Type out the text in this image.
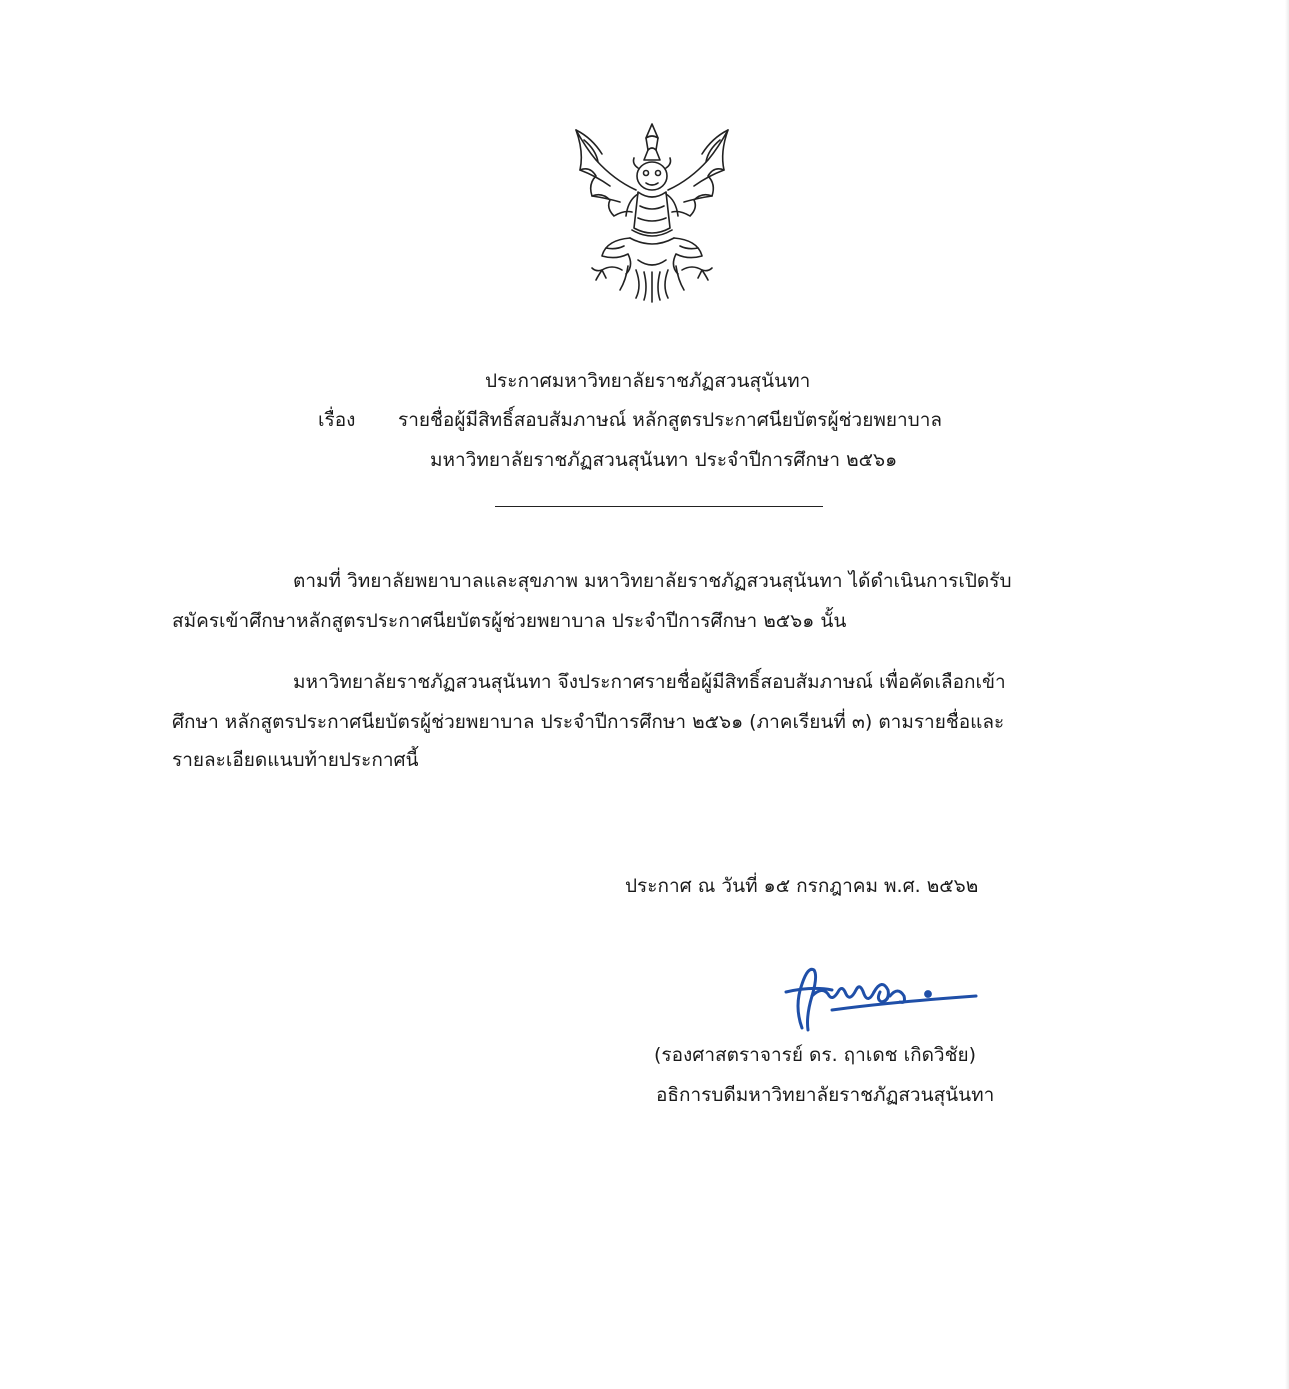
ประกาศมหาวิทยาลัยราชภัฏสวนสุนันทา
เรื่อง รายชื่อผู้มีสิทธิ์สอบสัมภาษณ์ หลักสูตรประกาศนียบัตรผู้ช่วยพยาบาล
มหาวิทยาลัยราชภัฏสวนสุนันทา ประจำปีการศึกษา ๒๕๖๑
ตามที่ วิทยาลัยพยาบาลและสุขภาพ มหาวิทยาลัยราชภัฏสวนสุนันทา ได้ดำเนินการเปิดรับ
สมัครเข้าศึกษาหลักสูตรประกาศนียบัตรผู้ช่วยพยาบาล ประจำปีการศึกษา ๒๕๖๑ นั้น
มหาวิทยาลัยราชภัฏสวนสุนันทา จึงประกาศรายชื่อผู้มีสิทธิ์สอบสัมภาษณ์ เพื่อคัดเลือกเข้า
ศึกษา หลักสูตรประกาศนียบัตรผู้ช่วยพยาบาล ประจำปีการศึกษา ๒๕๖๑ (ภาคเรียนที่ ๓) ตามรายชื่อและ
รายละเอียดแนบท้ายประกาศนี้
ประกาศ ณ วันที่ ๑๕ กรกฎาคม พ.ศ. ๒๕๖๒
(รองศาสตราจารย์ ดร. ฤาเดช เกิดวิชัย)
อธิการบดีมหาวิทยาลัยราชภัฏสวนสุนันทา
